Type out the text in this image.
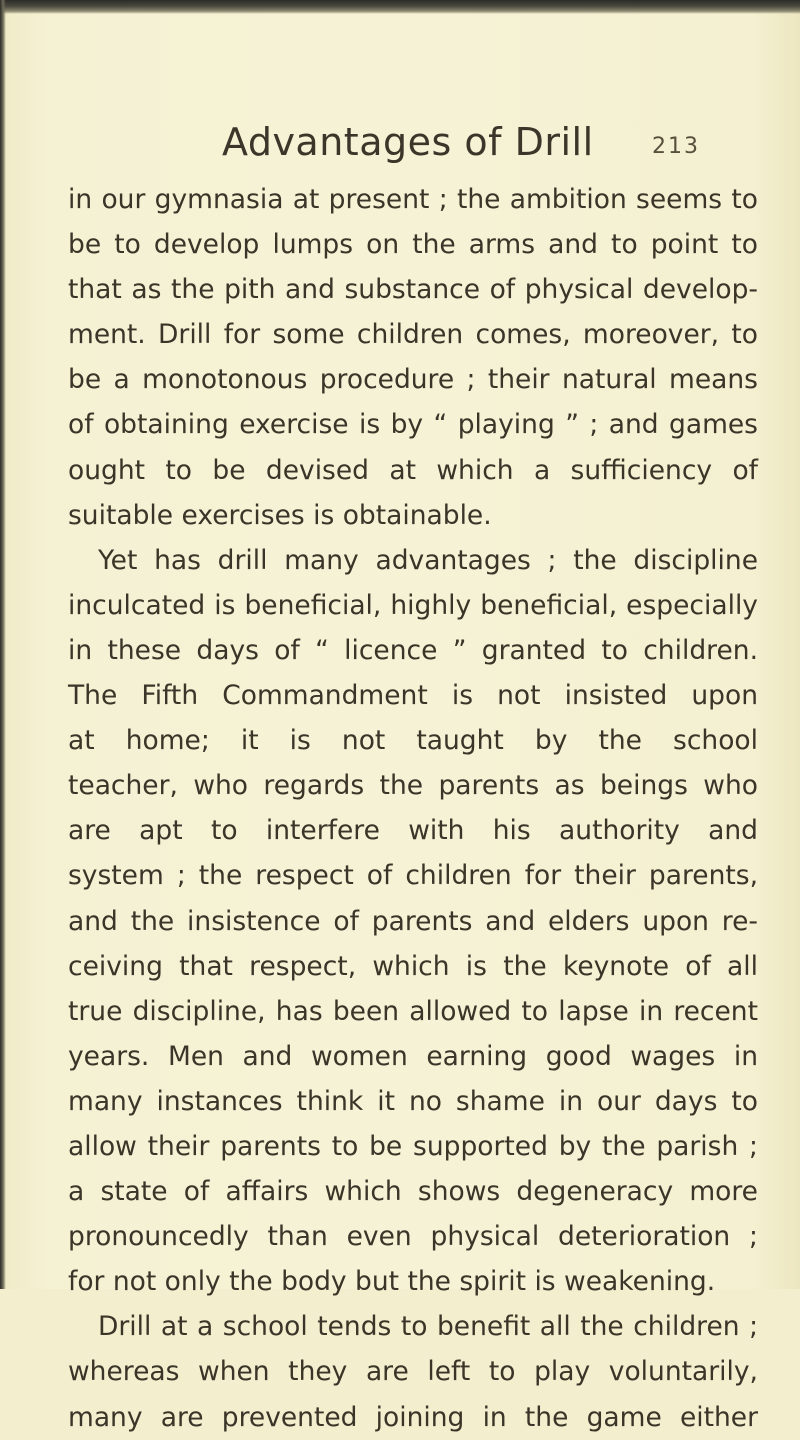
Advantages of Drill	213
in our gymnasia at present ; the ambition seems to
be to develop lumps on the arms and to point to
that as the pith and substance of physical develop-
ment. Drill for some children comes, moreover, to
be a monotonous procedure ; their natural means
of obtaining exercise is by “ playing ” ; and games
ought to be devised at which a sufficiency of
suitable exercises is obtainable.
Yet has drill many advantages ; the discipline
inculcated is beneficial, highly beneficial, especially
in these days of “ licence ” granted to children.
The Fifth Commandment is not insisted upon
at home; it is not taught by the school
teacher, who regards the parents as beings who
are apt to interfere with his authority and
system ; the respect of children for their parents,
and the insistence of parents and elders upon re-
ceiving that respect, which is the keynote of all
true discipline, has been allowed to lapse in recent
years. Men and women earning good wages in
many instances think it no shame in our days to
allow their parents to be supported by the parish ;
a state of affairs which shows degeneracy more
pronouncedly than even physical deterioration ;
for not only the body but the spirit is weakening.
Drill at a school tends to benefit all the children ;
whereas when they are left to play voluntarily,
many are prevented joining in the game either
